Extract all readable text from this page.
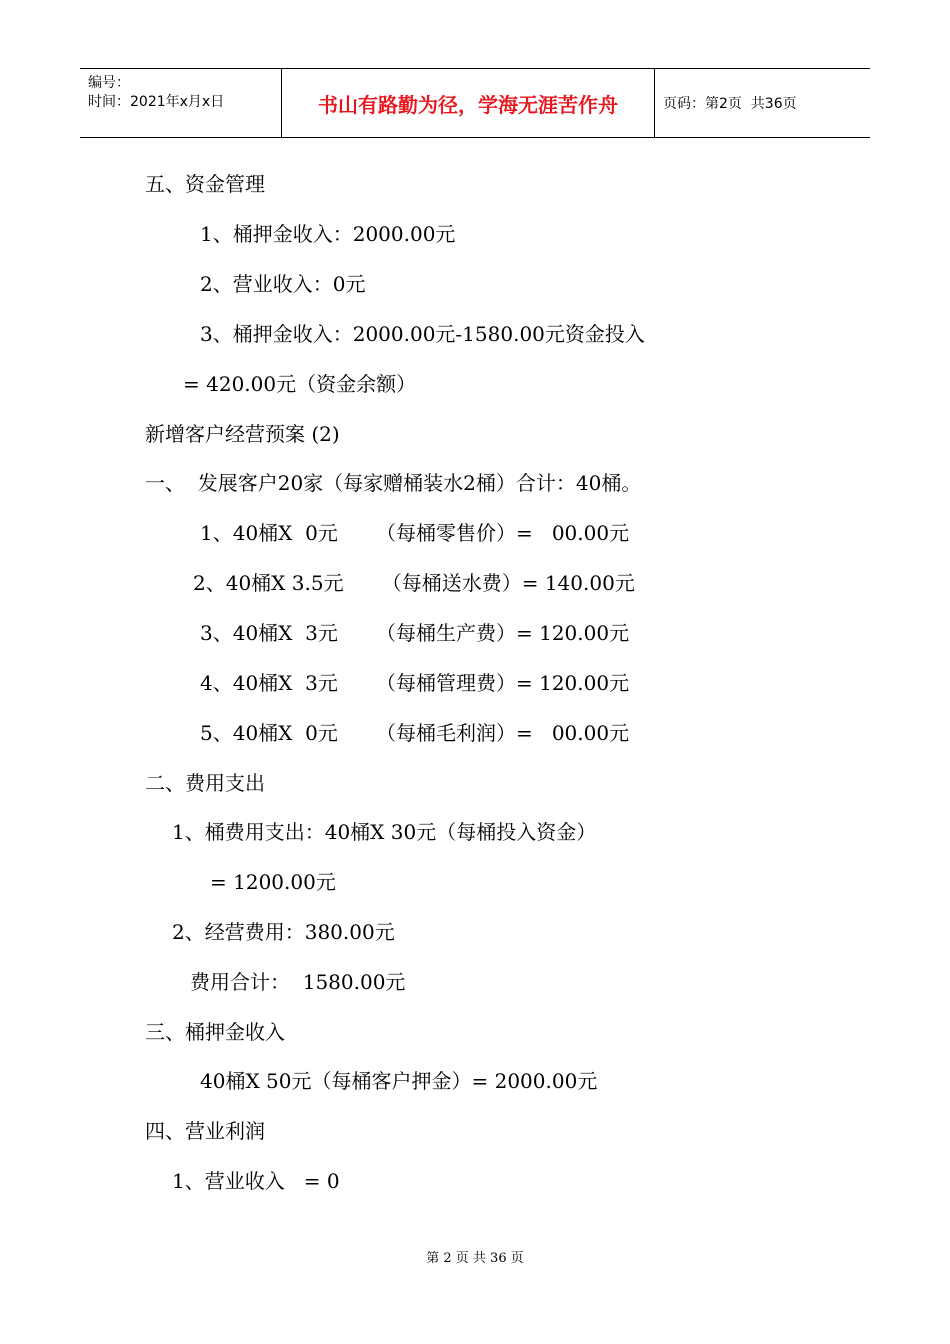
编号：
时间：2021年x月x日	书山有路勤为径，学海无涯苦作舟	页码：第2页  共36页
五、资金管理
1、桶押金收入：2000.00元
2、营业收入：0元
3、桶押金收入：2000.00元-1580.00元资金投入
= 420.00元（资金余额）
新增客户经营预案 (2)
一、  发展客户20家（每家赠桶装水2桶）合计：40桶。
1、40桶X  0元      （每桶零售价）=   00.00元
2、40桶X 3.5元      （每桶送水费）= 140.00元
3、40桶X  3元      （每桶生产费）= 120.00元
4、40桶X  3元      （每桶管理费）= 120.00元
5、40桶X  0元      （每桶毛利润）=   00.00元
二、费用支出
1、桶费用支出：40桶X 30元（每桶投入资金）
= 1200.00元
2、经营费用：380.00元
费用合计：  1580.00元
三、桶押金收入
40桶X 50元（每桶客户押金）= 2000.00元
四、营业利润
1、营业收入   = 0
第 2 页 共 36 页
